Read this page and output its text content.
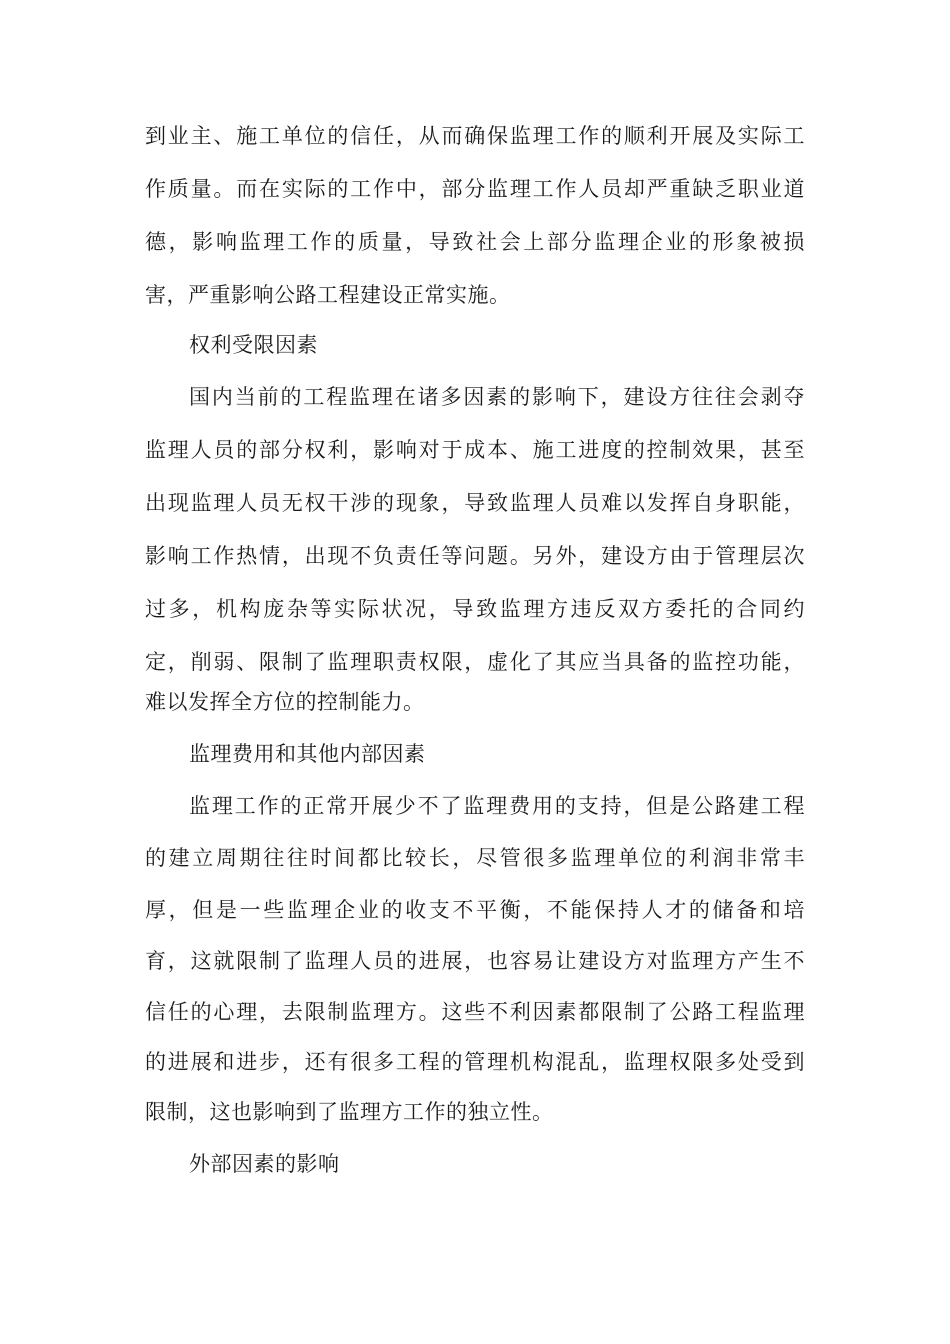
到业主、施工单位的信任，从而确保监理工作的顺利开展及实际工
作质量。而在实际的工作中，部分监理工作人员却严重缺乏职业道
德，影响监理工作的质量，导致社会上部分监理企业的形象被损
害，严重影响公路工程建设正常实施。
权利受限因素
国内当前的工程监理在诸多因素的影响下，建设方往往会剥夺
监理人员的部分权利，影响对于成本、施工进度的控制效果，甚至
出现监理人员无权干涉的现象，导致监理人员难以发挥自身职能，
影响工作热情，出现不负责任等问题。另外，建设方由于管理层次
过多，机构庞杂等实际状况，导致监理方违反双方委托的合同约
定，削弱、限制了监理职责权限，虚化了其应当具备的监控功能，
难以发挥全方位的控制能力。
监理费用和其他内部因素
监理工作的正常开展少不了监理费用的支持，但是公路建工程
的建立周期往往时间都比较长，尽管很多监理单位的利润非常丰
厚，但是一些监理企业的收支不平衡，不能保持人才的储备和培
育，这就限制了监理人员的进展，也容易让建设方对监理方产生不
信任的心理，去限制监理方。这些不利因素都限制了公路工程监理
的进展和进步，还有很多工程的管理机构混乱，监理权限多处受到
限制，这也影响到了监理方工作的独立性。
外部因素的影响
